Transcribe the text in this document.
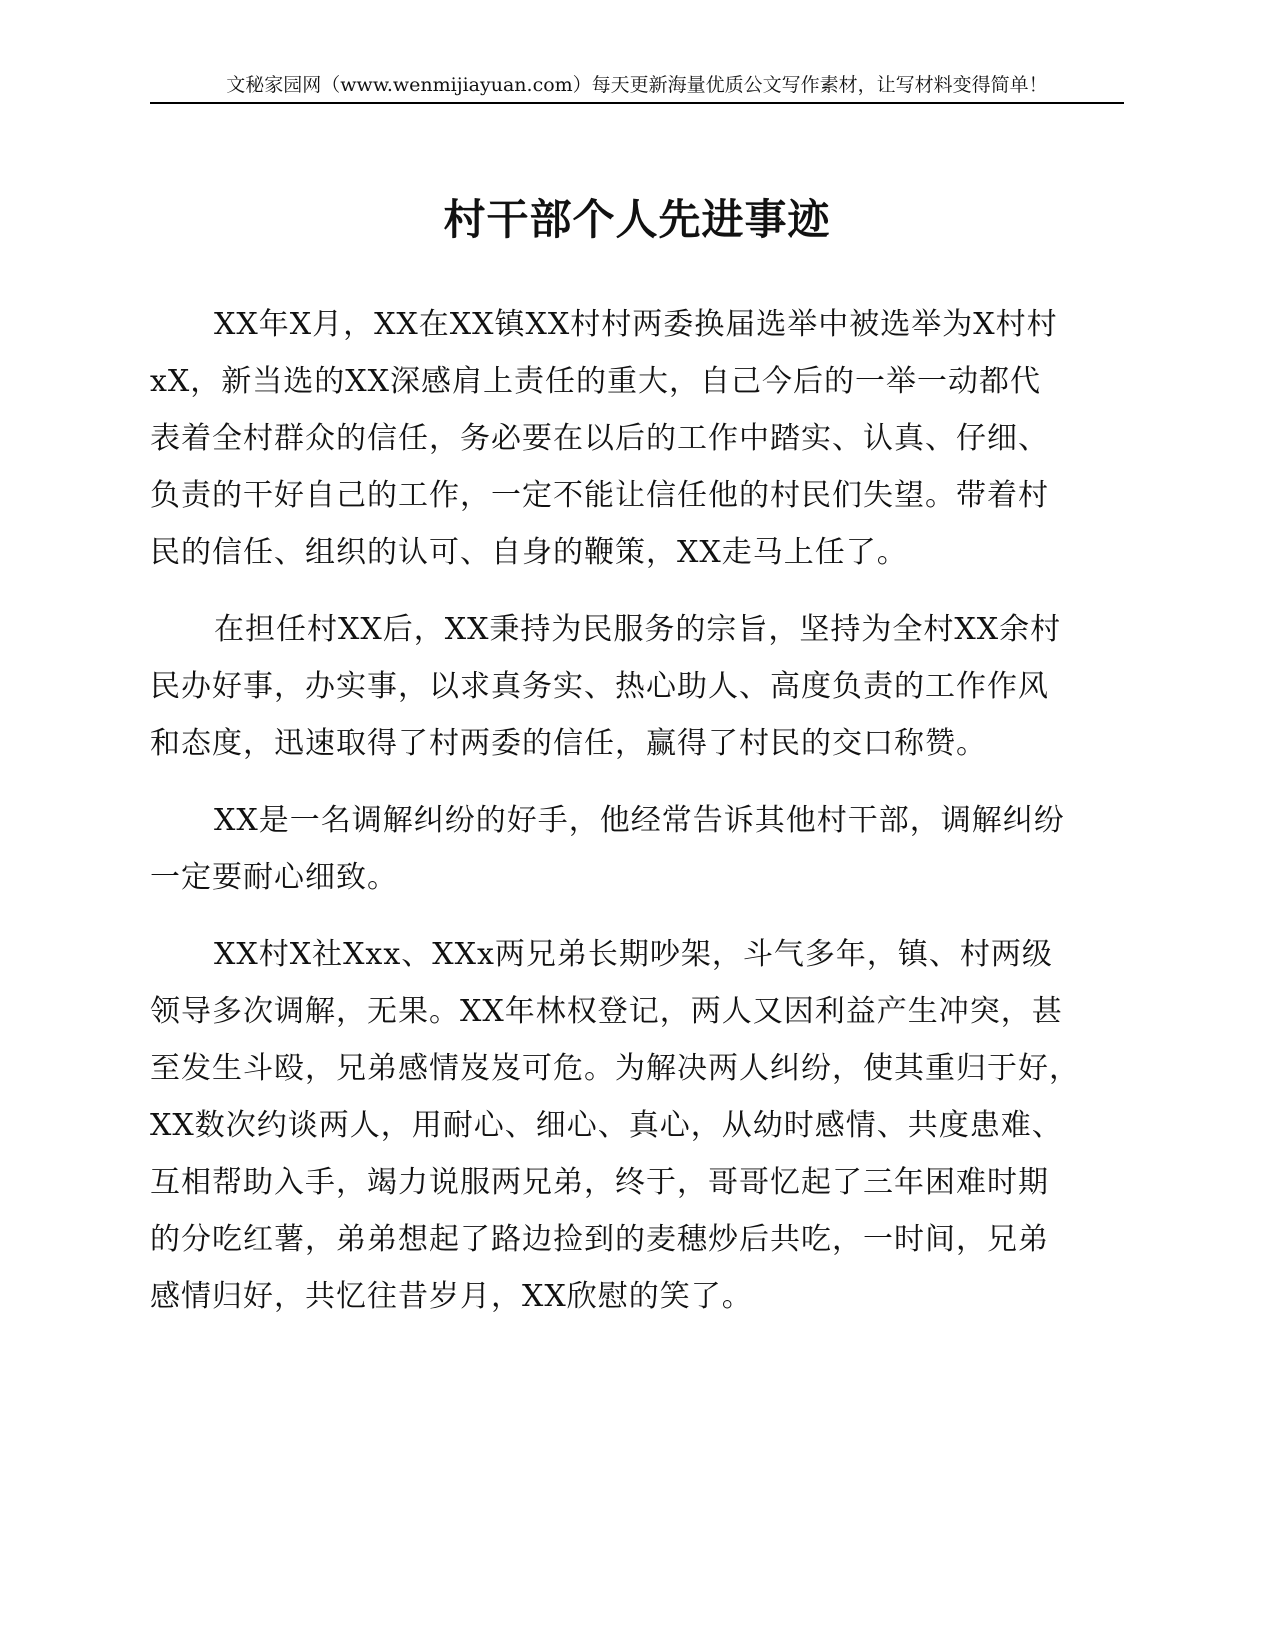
文秘家园网（www.wenmijiayuan.com）每天更新海量优质公文写作素材，让写材料变得简单！
村干部个人先进事迹
XX年X月，XX在XX镇XX村村两委换届选举中被选举为X村村
xX，新当选的XX深感肩上责任的重大，自己今后的一举一动都代
表着全村群众的信任，务必要在以后的工作中踏实、认真、仔细、
负责的干好自己的工作，一定不能让信任他的村民们失望。带着村
民的信任、组织的认可、自身的鞭策，XX走马上任了。
在担任村XX后，XX秉持为民服务的宗旨，坚持为全村XX余村
民办好事，办实事，以求真务实、热心助人、高度负责的工作作风
和态度，迅速取得了村两委的信任，赢得了村民的交口称赞。
XX是一名调解纠纷的好手，他经常告诉其他村干部，调解纠纷
一定要耐心细致。
XX村X社Xxx、XXx两兄弟长期吵架，斗气多年，镇、村两级
领导多次调解，无果。XX年林权登记，两人又因利益产生冲突，甚
至发生斗殴，兄弟感情岌岌可危。为解决两人纠纷，使其重归于好，
XX数次约谈两人，用耐心、细心、真心，从幼时感情、共度患难、
互相帮助入手，竭力说服两兄弟，终于，哥哥忆起了三年困难时期
的分吃红薯，弟弟想起了路边捡到的麦穗炒后共吃，一时间，兄弟
感情归好，共忆往昔岁月，XX欣慰的笑了。
